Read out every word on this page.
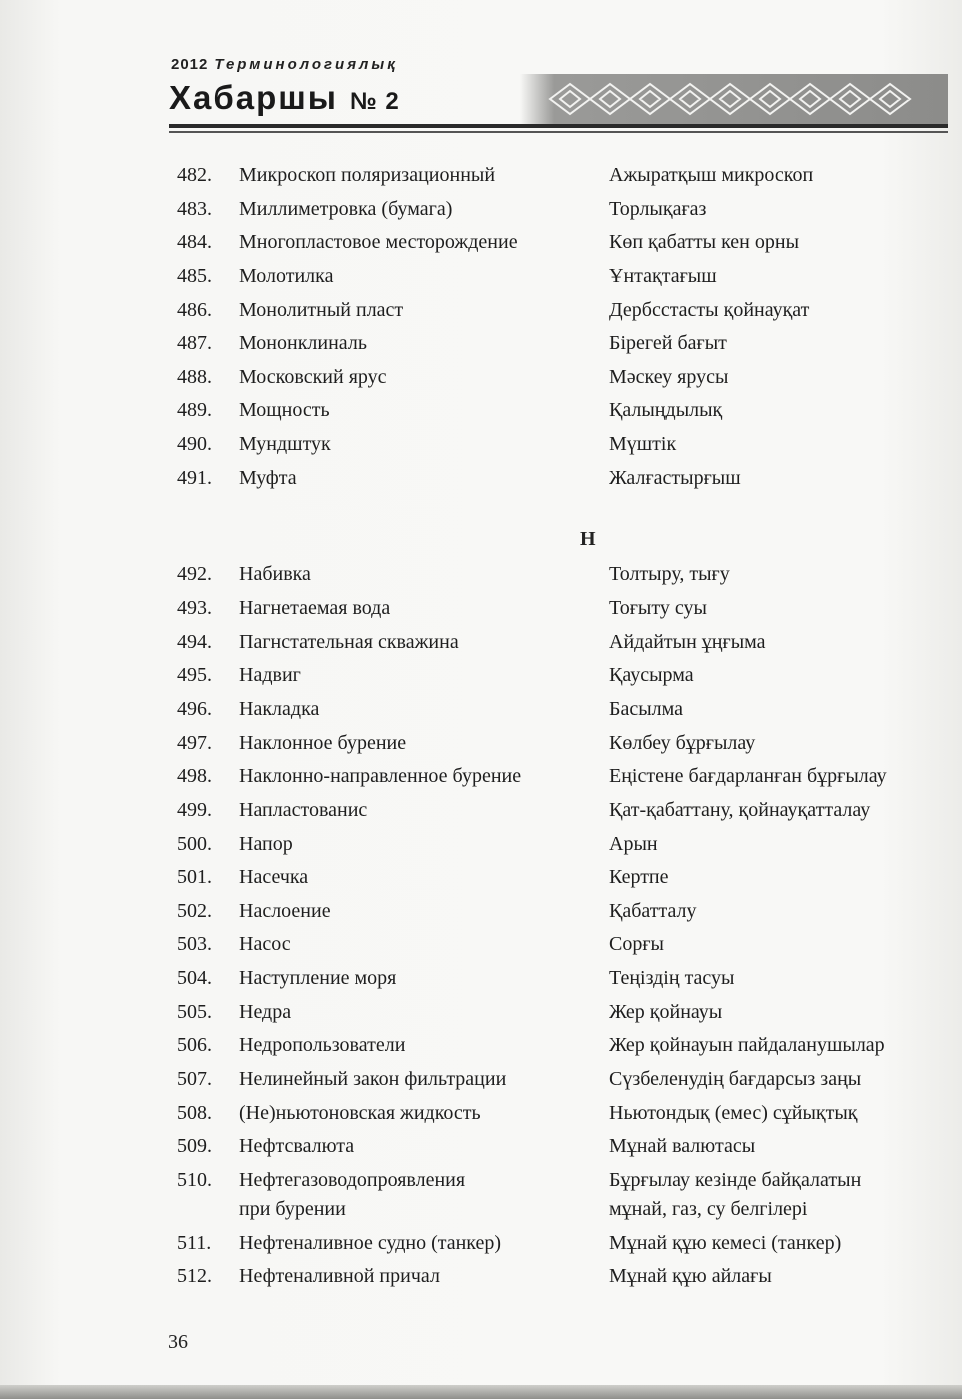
2012 Терминологиялық
Хабаршы № 2
482.	Микроскоп поляризационный	Ажыратқыш микроскоп
483.	Миллиметровка (бумага)	Торлықағаз
484.	Многопластовое месторождение	Көп қабатты кен орны
485.	Молотилка	Ұнтақтағыш
486.	Монолитный пласт	Дербсстасты қойнауқат
487.	Мононклиналь	Бірегей бағыт
488.	Московский ярус	Мәскеу ярусы
489.	Мощность	Қалыңдылық
490.	Мундштук	Мүштік
491.	Муфта	Жалғастырғыш
Н
492.	Набивка	Толтыру, тығу
493.	Нагнетаемая вода	Тоғыту суы
494.	Пагнстательная скважина	Айдайтын ұңғыма
495.	Надвиг	Қаусырма
496.	Накладка	Басылма
497.	Наклонное бурение	Көлбеу бұрғылау
498.	Наклонно-направленное бурение	Еңістене бағдарланған бұрғылау
499.	Напластованис	Қат-қабаттану, қойнауқатталау
500.	Напор	Арын
501.	Насечка	Кертпе
502.	Наслоение	Қабатталу
503.	Насос	Сорғы
504.	Наступление моря	Теңіздің тасуы
505.	Недра	Жер қойнауы
506.	Недропользователи	Жер қойнауын пайдаланушылар
507.	Нелинейный закон фильтрации	Сүзбеленудің бағдарсыз заңы
508.	(Не)ньютоновская жидкость	Ньютондық (емес) сұйықтық
509.	Нефтсвалюта	Мұнай валютасы
510.	Нефтегазоводопроявления	Бұрғылау кезінде байқалатын
при бурении	мұнай, газ, су белгілері
511.	Нефтеналивное судно (танкер)	Мұнай құю кемесі (танкер)
512.	Нефтеналивной причал	Мұнай құю айлағы
36
